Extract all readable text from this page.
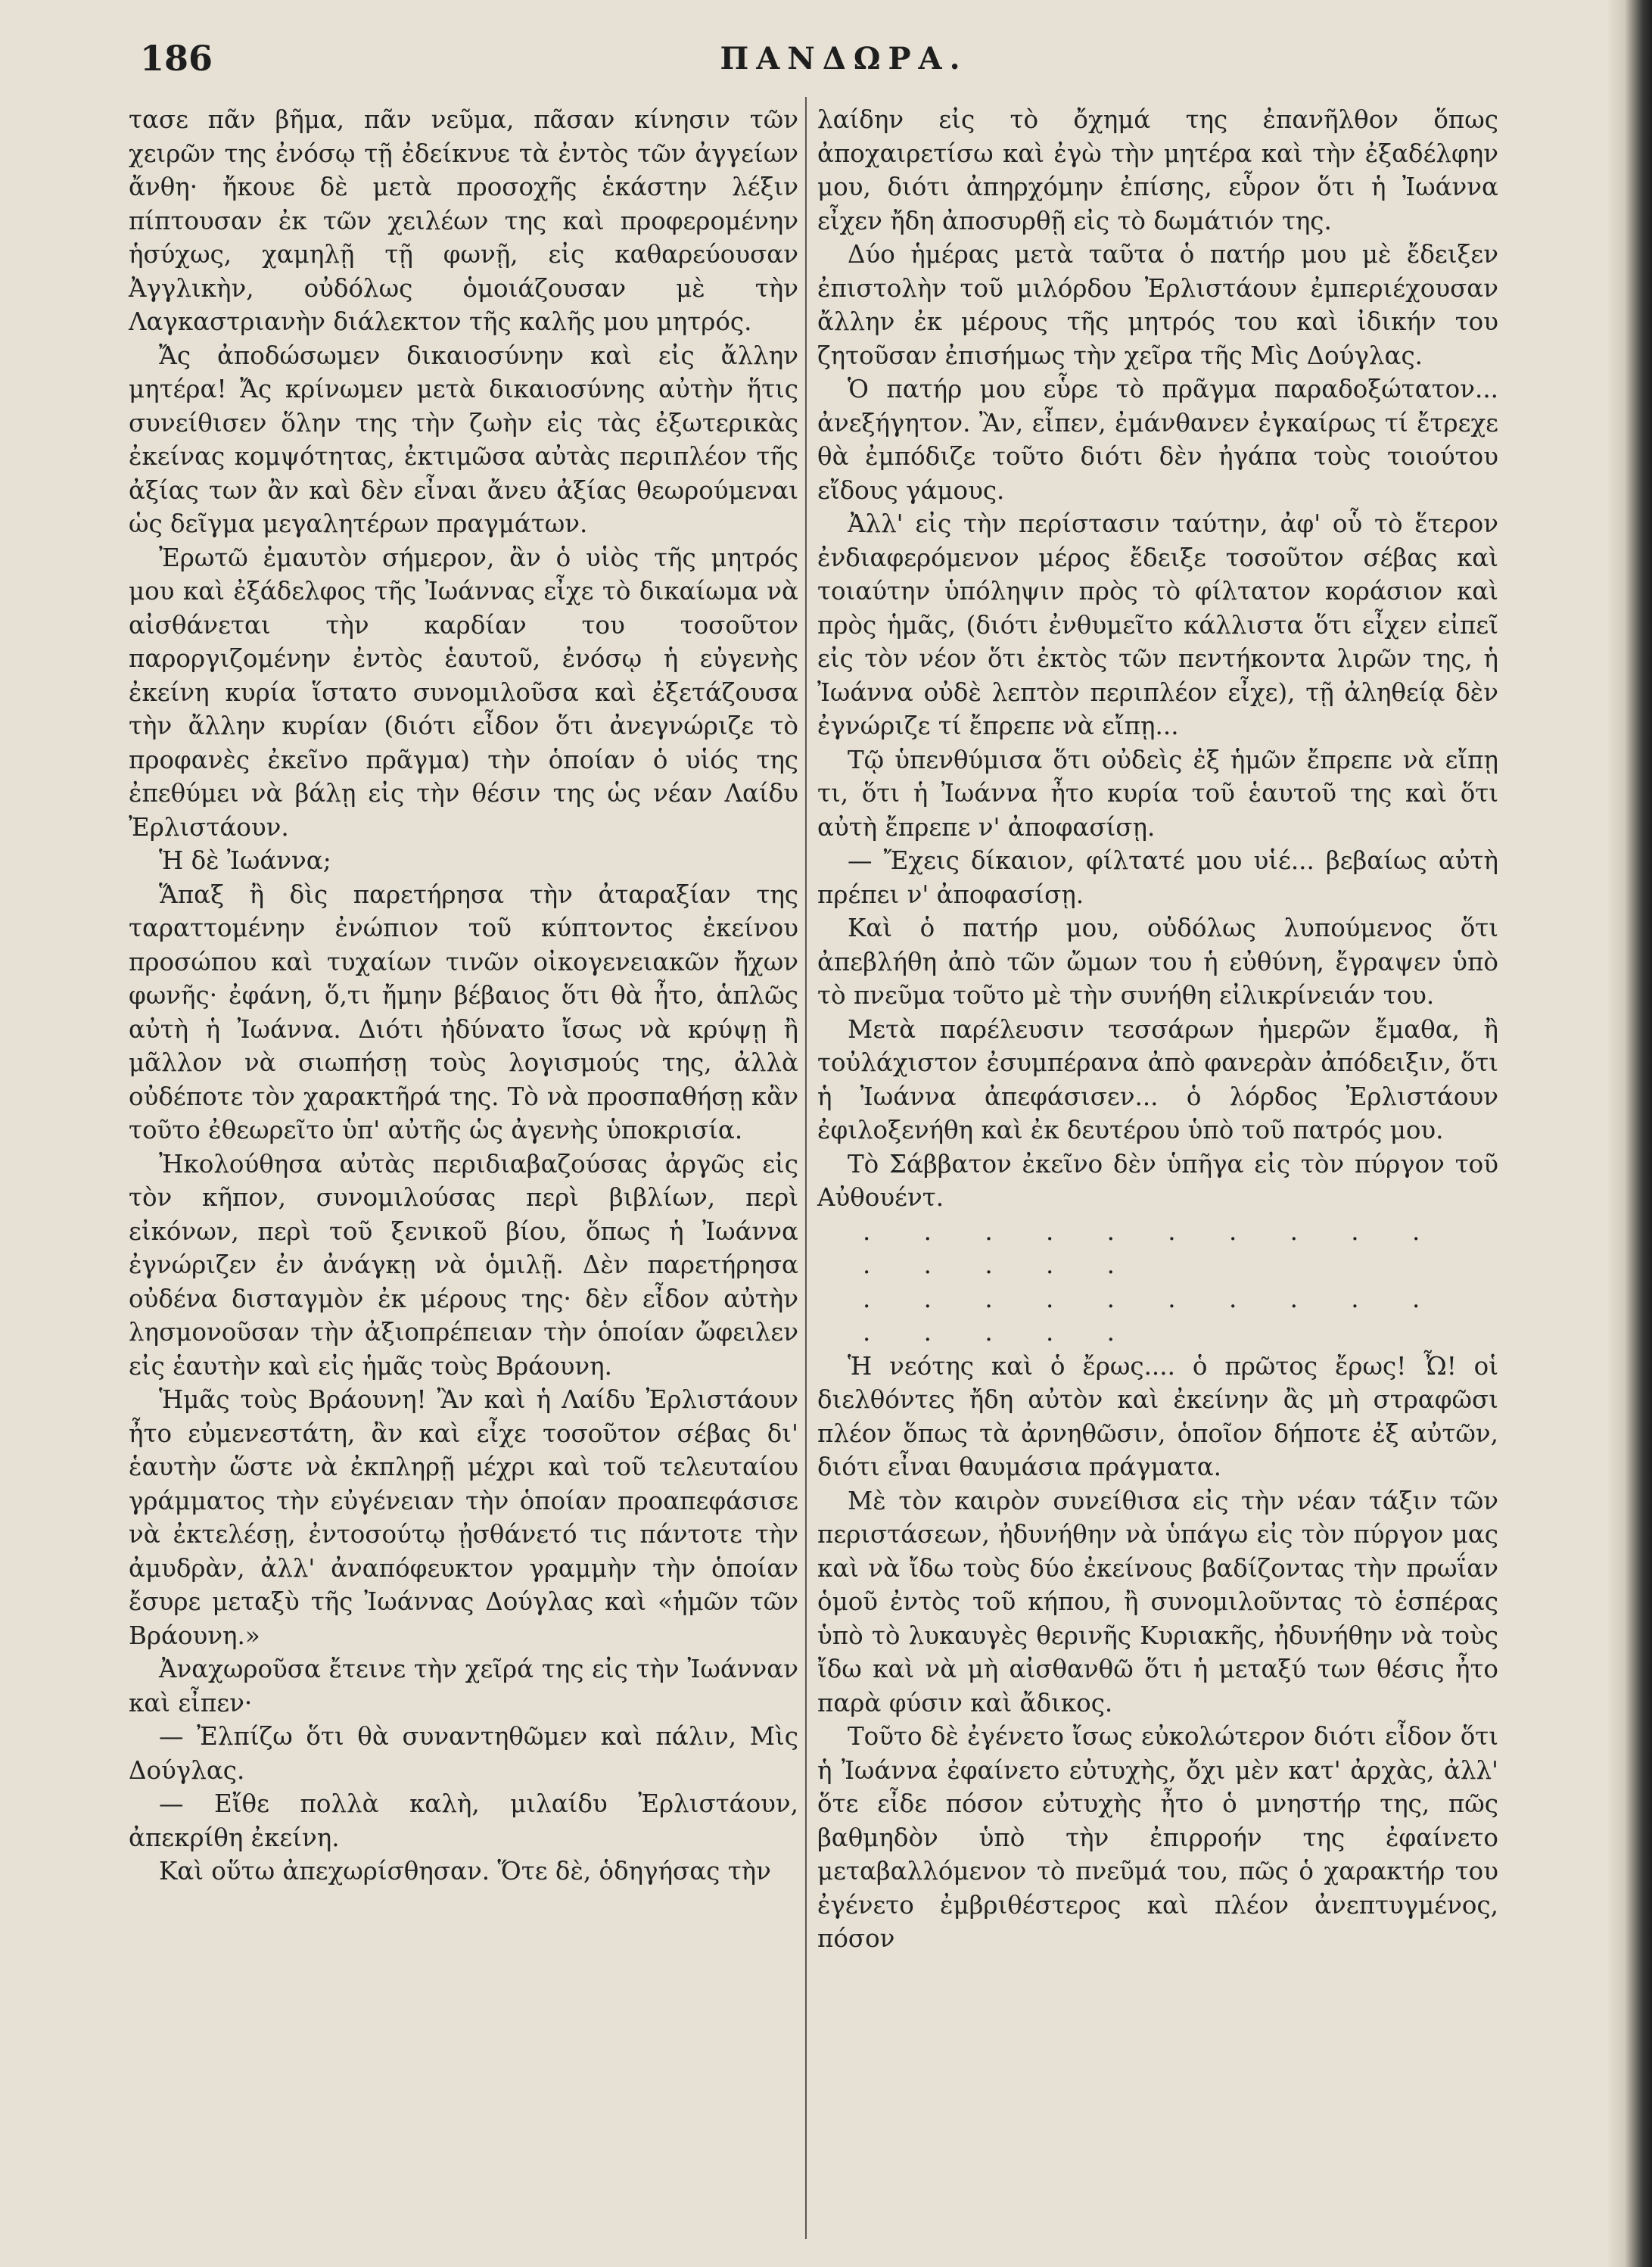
186	ΠΑΝΔΩΡΑ.

τασε πᾶν βῆμα, πᾶν νεῦμα, πᾶσαν κίνησιν τῶν χειρῶν της ἐνόσῳ τῇ ἐδείκνυε τὰ ἐντὸς τῶν ἀγγείων ἄνθη· ἤκουε δὲ μετὰ προσοχῆς ἑκάστην λέξιν πίπτουσαν ἐκ τῶν χειλέων της καὶ προφερομένην ἡσύχως, χαμηλῇ τῇ φωνῇ, εἰς καθαρεύουσαν Ἀγγλικὴν, οὐδόλως ὁμοιάζουσαν μὲ τὴν Λαγκαστριανὴν διάλεκτον τῆς καλῆς μου μητρός.

Ἄς ἀποδώσωμεν δικαιοσύνην καὶ εἰς ἄλλην μητέρα! Ἄς κρίνωμεν μετὰ δικαιοσύνης αὐτὴν ἥτις συνείθισεν ὅλην της τὴν ζωὴν εἰς τὰς ἐξωτερικὰς ἐκείνας κομψότητας, ἐκτιμῶσα αὐτὰς περιπλέον τῆς ἀξίας των ἂν καὶ δὲν εἶναι ἄνευ ἀξίας θεωρούμεναι ὡς δεῖγμα μεγαλητέρων πραγμάτων.

Ἐρωτῶ ἐμαυτὸν σήμερον, ἂν ὁ υἱὸς τῆς μητρός μου καὶ ἐξάδελφος τῆς Ἰωάννας εἶχε τὸ δικαίωμα νὰ αἰσθάνεται τὴν καρδίαν του τοσοῦτον παροργιζομένην ἐντὸς ἑαυτοῦ, ἐνόσῳ ἡ εὐγενὴς ἐκείνη κυρία ἵστατο συνομιλοῦσα καὶ ἐξετάζουσα τὴν ἄλλην κυρίαν (διότι εἶδον ὅτι ἀνεγνώριζε τὸ προφανὲς ἐκεῖνο πρᾶγμα) τὴν ὁποίαν ὁ υἱός της ἐπεθύμει νὰ βάλῃ εἰς τὴν θέσιν της ὡς νέαν Λαίδυ Ἐρλιστάουν.

Ἡ δὲ Ἰωάννα;

Ἅπαξ ἢ δὶς παρετήρησα τὴν ἀταραξίαν της ταραττομένην ἐνώπιον τοῦ κύπτοντος ἐκείνου προσώπου καὶ τυχαίων τινῶν οἰκογενειακῶν ἤχων φωνῆς· ἐφάνη, ὅ,τι ἤμην βέβαιος ὅτι θὰ ἦτο, ἁπλῶς αὐτὴ ἡ Ἰωάννα. Διότι ἠδύνατο ἴσως νὰ κρύψῃ ἢ μᾶλλον νὰ σιωπήσῃ τοὺς λογισμούς της, ἀλλὰ οὐδέποτε τὸν χαρακτῆρά της. Τὸ νὰ προσπαθήσῃ κἂν τοῦτο ἐθεωρεῖτο ὑπ' αὐτῆς ὡς ἀγενὴς ὑποκρισία.

Ἠκολούθησα αὐτὰς περιδιαβαζούσας ἀργῶς εἰς τὸν κῆπον, συνομιλούσας περὶ βιβλίων, περὶ εἰκόνων, περὶ τοῦ ξενικοῦ βίου, ὅπως ἡ Ἰωάννα ἐγνώριζεν ἐν ἀνάγκῃ νὰ ὁμιλῇ. Δὲν παρετήρησα οὐδένα δισταγμὸν ἐκ μέρους της· δὲν εἶδον αὐτὴν λησμονοῦσαν τὴν ἀξιοπρέπειαν τὴν ὁποίαν ὤφειλεν εἰς ἑαυτὴν καὶ εἰς ἡμᾶς τοὺς Βράουνη.

Ἡμᾶς τοὺς Βράουνη! Ἂν καὶ ἡ Λαίδυ Ἐρλιστάουν ἦτο εὐμενεστάτη, ἂν καὶ εἶχε τοσοῦτον σέβας δι' ἑαυτὴν ὥστε νὰ ἐκπληρῇ μέχρι καὶ τοῦ τελευταίου γράμματος τὴν εὐγένειαν τὴν ὁποίαν προαπεφάσισε νὰ ἐκτελέσῃ, ἐντοσούτῳ ᾐσθάνετό τις πάντοτε τὴν ἀμυδρὰν, ἀλλ' ἀναπόφευκτον γραμμὴν τὴν ὁποίαν ἔσυρε μεταξὺ τῆς Ἰωάννας Δούγλας καὶ «ἡμῶν τῶν Βράουνη.»

Ἀναχωροῦσα ἔτεινε τὴν χεῖρά της εἰς τὴν Ἰωάνναν καὶ εἶπεν·

— Ἐλπίζω ὅτι θὰ συναντηθῶμεν καὶ πάλιν, Μὶς Δούγλας.

— Εἴθε πολλὰ καλὴ, μιλαίδυ Ἐρλιστάουν, ἀπεκρίθη ἐκείνη.

Καὶ οὕτω ἀπεχωρίσθησαν. Ὅτε δὲ, ὁδηγήσας τὴν

λαίδην εἰς τὸ ὄχημά της ἐπανῆλθον ὅπως ἀποχαιρετίσω καὶ ἐγὼ τὴν μητέρα καὶ τὴν ἐξαδέλφην μου, διότι ἀπηρχόμην ἐπίσης, εὗρον ὅτι ἡ Ἰωάννα εἶχεν ἤδη ἀποσυρθῇ εἰς τὸ δωμάτιόν της.

Δύο ἡμέρας μετὰ ταῦτα ὁ πατήρ μου μὲ ἔδειξεν ἐπιστολὴν τοῦ μιλόρδου Ἐρλιστάουν ἐμπεριέχουσαν ἄλλην ἐκ μέρους τῆς μητρός του καὶ ἰδικήν του ζητοῦσαν ἐπισήμως τὴν χεῖρα τῆς Μὶς Δούγλας.

Ὁ πατήρ μου εὗρε τὸ πρᾶγμα παραδοξώτατον... ἀνεξήγητον. Ἂν, εἶπεν, ἐμάνθανεν ἐγκαίρως τί ἔτρεχε θὰ ἐμπόδιζε τοῦτο διότι δὲν ἠγάπα τοὺς τοιούτου εἴδους γάμους.

Ἀλλ' εἰς τὴν περίστασιν ταύτην, ἀφ' οὗ τὸ ἕτερον ἐνδιαφερόμενον μέρος ἔδειξε τοσοῦτον σέβας καὶ τοιαύτην ὑπόληψιν πρὸς τὸ φίλτατον κοράσιον καὶ πρὸς ἡμᾶς, (διότι ἐνθυμεῖτο κάλλιστα ὅτι εἶχεν εἰπεῖ εἰς τὸν νέον ὅτι ἐκτὸς τῶν πεντήκοντα λιρῶν της, ἡ Ἰωάννα οὐδὲ λεπτὸν περιπλέον εἶχε), τῇ ἀληθείᾳ δὲν ἐγνώριζε τί ἔπρεπε νὰ εἴπῃ...

Τῷ ὑπενθύμισα ὅτι οὐδεὶς ἐξ ἡμῶν ἔπρεπε νὰ εἴπῃ τι, ὅτι ἡ Ἰωάννα ἦτο κυρία τοῦ ἑαυτοῦ της καὶ ὅτι αὐτὴ ἔπρεπε ν' ἀποφασίσῃ.

— Ἔχεις δίκαιον, φίλτατέ μου υἱέ... βεβαίως αὐτὴ πρέπει ν' ἀποφασίσῃ.

Καὶ ὁ πατήρ μου, οὐδόλως λυπούμενος ὅτι ἀπεβλήθη ἀπὸ τῶν ὤμων του ἡ εὐθύνη, ἔγραψεν ὑπὸ τὸ πνεῦμα τοῦτο μὲ τὴν συνήθη εἰλικρίνειάν του.

Μετὰ παρέλευσιν τεσσάρων ἡμερῶν ἔμαθα, ἢ τοὐλάχιστον ἐσυμπέρανα ἀπὸ φανερὰν ἀπόδειξιν, ὅτι ἡ Ἰωάννα ἀπεφάσισεν... ὁ λόρδος Ἐρλιστάουν ἐφιλοξενήθη καὶ ἐκ δευτέρου ὑπὸ τοῦ πατρός μου.

Τὸ Σάββατον ἐκεῖνο δὲν ὑπῆγα εἰς τὸν πύργον τοῦ Αὐθουέντ.

. . . . . . . . . . . . . . .

. . . . . . . . . . . . . . .

Ἡ νεότης καὶ ὁ ἔρως.... ὁ πρῶτος ἔρως! Ὦ! οἱ διελθόντες ἤδη αὐτὸν καὶ ἐκείνην ἂς μὴ στραφῶσι πλέον ὅπως τὰ ἀρνηθῶσιν, ὁποῖον δήποτε ἐξ αὐτῶν, διότι εἶναι θαυμάσια πράγματα.

Μὲ τὸν καιρὸν συνείθισα εἰς τὴν νέαν τάξιν τῶν περιστάσεων, ἠδυνήθην νὰ ὑπάγω εἰς τὸν πύργον μας καὶ νὰ ἴδω τοὺς δύο ἐκείνους βαδίζοντας τὴν πρωΐαν ὁμοῦ ἐντὸς τοῦ κήπου, ἢ συνομιλοῦντας τὸ ἑσπέρας ὑπὸ τὸ λυκαυγὲς θερινῆς Κυριακῆς, ἠδυνήθην νὰ τοὺς ἴδω καὶ νὰ μὴ αἰσθανθῶ ὅτι ἡ μεταξύ των θέσις ἦτο παρὰ φύσιν καὶ ἄδικος.

Τοῦτο δὲ ἐγένετο ἴσως εὐκολώτερον διότι εἶδον ὅτι ἡ Ἰωάννα ἐφαίνετο εὐτυχὴς, ὄχι μὲν κατ' ἀρχὰς, ἀλλ' ὅτε εἶδε πόσον εὐτυχὴς ἦτο ὁ μνηστήρ της, πῶς βαθμηδὸν ὑπὸ τὴν ἐπιρροήν της ἐφαίνετο μεταβαλλόμενον τὸ πνεῦμά του, πῶς ὁ χαρακτήρ του ἐγένετο ἐμβριθέστερος καὶ πλέον ἀνεπτυγμένος, πόσον
